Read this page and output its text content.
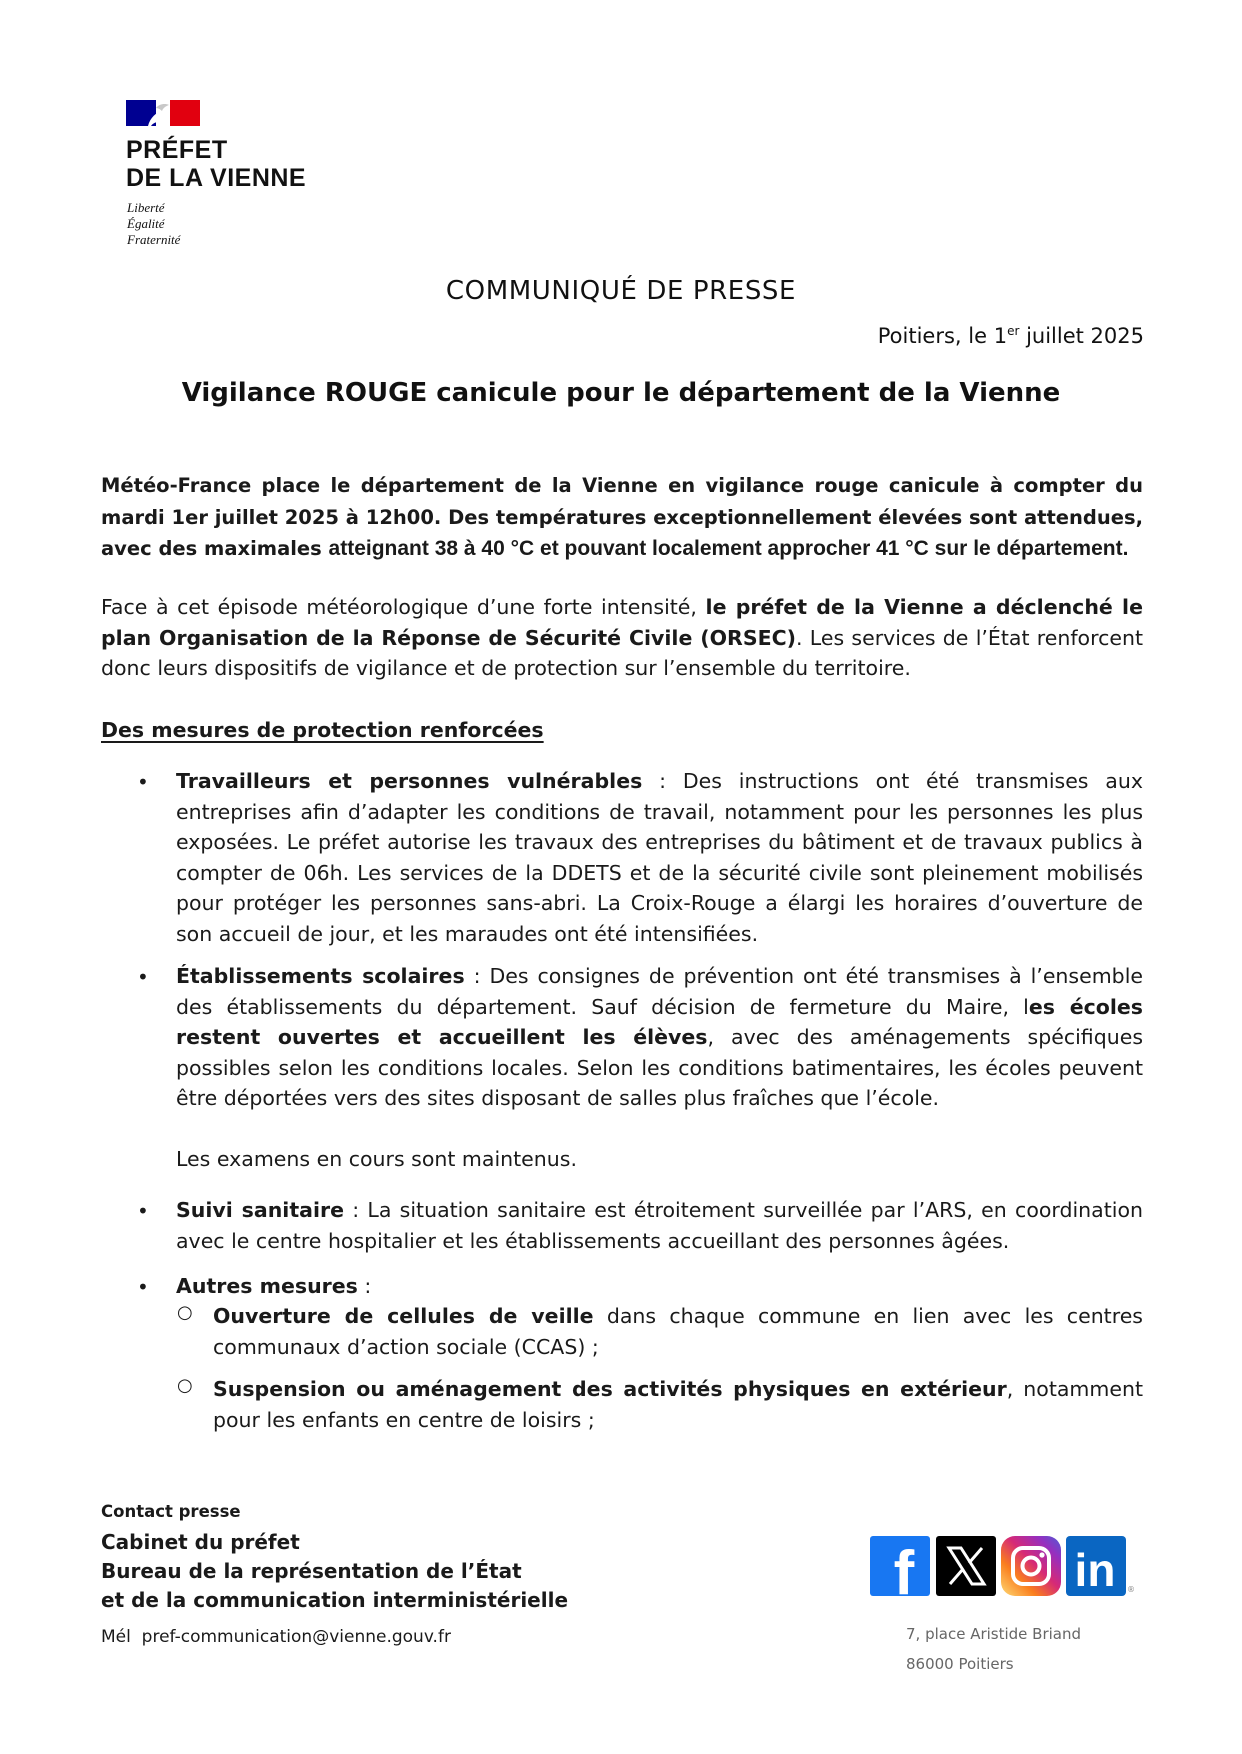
PRÉFET
DE LA VIENNE
Liberté
Égalité
Fraternité
COMMUNIQUÉ DE PRESSE
Poitiers, le 1er juillet 2025
Vigilance ROUGE canicule pour le département de la Vienne
Météo-France place le département de la Vienne en vigilance rouge canicule à compter du mardi 1er juillet 2025 à 12h00. Des températures exceptionnellement élevées sont attendues, avec des maximales atteignant 38 à 40 °C et pouvant localement approcher 41 °C sur le département.
Face à cet épisode météorologique d’une forte intensité, le préfet de la Vienne a déclenché le plan Organisation de la Réponse de Sécurité Civile (ORSEC). Les services de l’État renforcent donc leurs dispositifs de vigilance et de protection sur l’ensemble du territoire.
Des mesures de protection renforcées
• Travailleurs et personnes vulnérables : Des instructions ont été transmises aux entreprises afin d’adapter les conditions de travail, notamment pour les personnes les plus exposées. Le préfet autorise les travaux des entreprises du bâtiment et de travaux publics à compter de 06h. Les services de la DDETS et de la sécurité civile sont pleinement mobilisés pour protéger les personnes sans-abri. La Croix-Rouge a élargi les horaires d’ouverture de son accueil de jour, et les maraudes ont été intensifiées.
• Établissements scolaires : Des consignes de prévention ont été transmises à l’ensemble des établissements du département. Sauf décision de fermeture du Maire, les écoles restent ouvertes et accueillent les élèves, avec des aménagements spécifiques possibles selon les conditions locales. Selon les conditions batimentaires, les écoles peuvent être déportées vers des sites disposant de salles plus fraîches que l’école.
Les examens en cours sont maintenus.
• Suivi sanitaire : La situation sanitaire est étroitement surveillée par l’ARS, en coordination avec le centre hospitalier et les établissements accueillant des personnes âgées.
• Autres mesures :
○ Ouverture de cellules de veille dans chaque commune en lien avec les centres communaux d’action sociale (CCAS) ;
○ Suspension ou aménagement des activités physiques en extérieur, notamment pour les enfants en centre de loisirs ;
Contact presse
Cabinet du préfet
Bureau de la représentation de l’État
et de la communication interministérielle
Mél pref-communication@vienne.gouv.fr
f	in ®
7, place Aristide Briand
86000 Poitiers
